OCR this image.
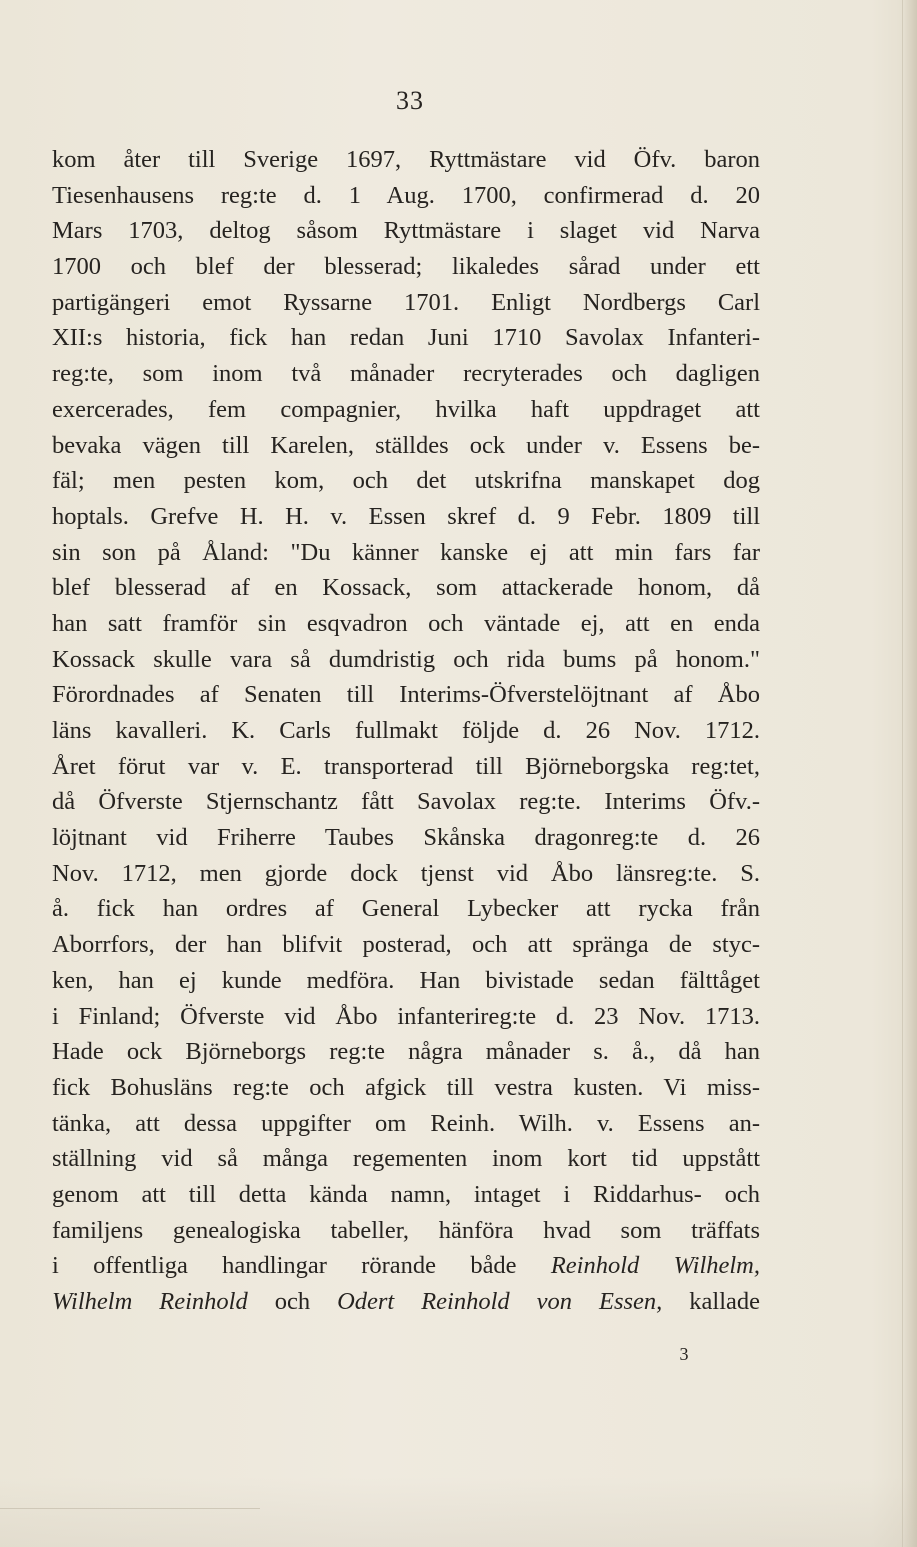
33
kom åter till Sverige 1697, Ryttmästare vid Öfv. baron
Tiesenhausens reg:te d. 1 Aug. 1700, confirmerad d. 20
Mars 1703, deltog såsom Ryttmästare i slaget vid Narva
1700 och blef der blesserad; likaledes sårad under ett
partigängeri emot Ryssarne 1701. Enligt Nordbergs Carl
XII:s historia, fick han redan Juni 1710 Savolax Infanteri-
reg:te, som inom två månader recryterades och dagligen
exercerades, fem compagnier, hvilka haft uppdraget att
bevaka vägen till Karelen, ställdes ock under v. Essens be-
fäl; men pesten kom, och det utskrifna manskapet dog
hoptals. Grefve H. H. v. Essen skref d. 9 Febr. 1809 till
sin son på Åland: "Du känner kanske ej att min fars far
blef blesserad af en Kossack, som attackerade honom, då
han satt framför sin esqvadron och väntade ej, att en enda
Kossack skulle vara så dumdristig och rida bums på honom."
Förordnades af Senaten till Interims-Öfverstelöjtnant af Åbo
läns kavalleri. K. Carls fullmakt följde d. 26 Nov. 1712.
Året förut var v. E. transporterad till Björneborgska reg:tet,
då Öfverste Stjernschantz fått Savolax reg:te. Interims Öfv.-
löjtnant vid Friherre Taubes Skånska dragonreg:te d. 26
Nov. 1712, men gjorde dock tjenst vid Åbo länsreg:te. S.
å. fick han ordres af General Lybecker att rycka från
Aborrfors, der han blifvit posterad, och att spränga de styc-
ken, han ej kunde medföra. Han bivistade sedan fälttåget
i Finland; Öfverste vid Åbo infanterireg:te d. 23 Nov. 1713.
Hade ock Björneborgs reg:te några månader s. å., då han
fick Bohusläns reg:te och afgick till vestra kusten. Vi miss-
tänka, att dessa uppgifter om Reinh. Wilh. v. Essens an-
ställning vid så många regementen inom kort tid uppstått
genom att till detta kända namn, intaget i Riddarhus- och
familjens genealogiska tabeller, hänföra hvad som träffats
i offentliga handlingar rörande både Reinhold Wilhelm,
Wilhelm Reinhold och Odert Reinhold von Essen, kallade
3
